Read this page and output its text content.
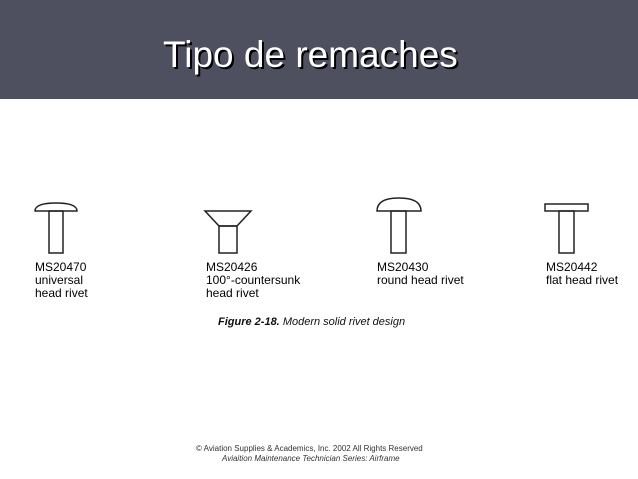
Tipo de remaches
MS20470
universal
head rivet
MS20426
100°-countersunk
head rivet
MS20430
round head rivet
MS20442
flat head rivet
Figure 2-18. Modern solid rivet design
© Aviation Supplies & Academics, Inc. 2002 All Rights Reserved
Aviaition Maintenance Technician Series: Airframe
